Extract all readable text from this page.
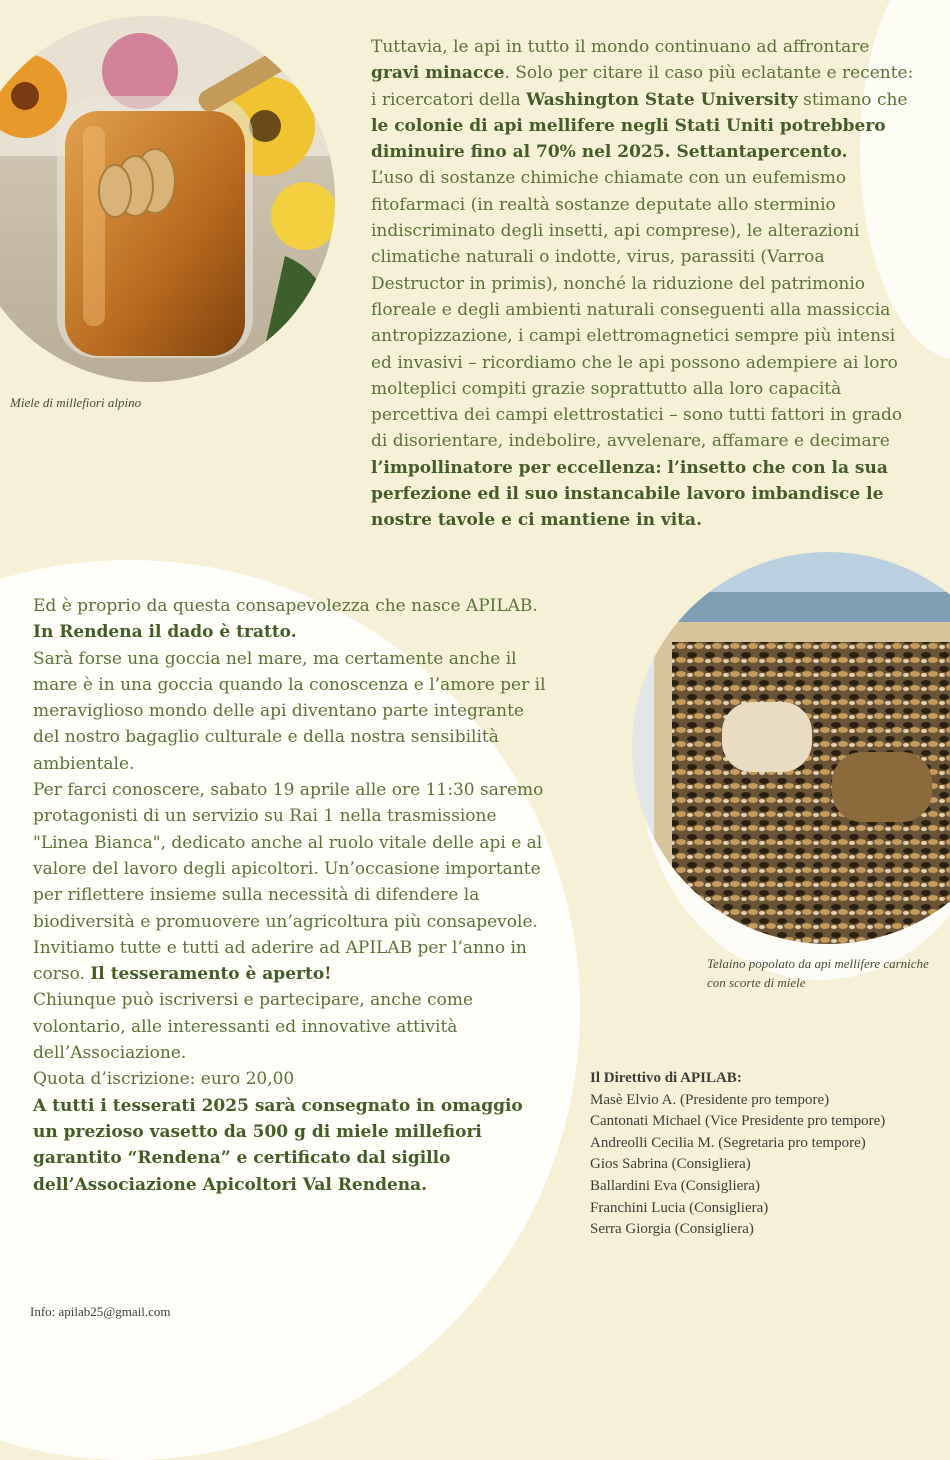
Miele di millefiori alpino

Tuttavia, le api in tutto il mondo continuano ad affrontare gravi minacce. Solo per citare il caso più eclatante e recente: i ricercatori della Washington State University stimano che le colonie di api mellifere negli Stati Uniti potrebbero diminuire fino al 70% nel 2025. Settantapercento.

L’uso di sostanze chimiche chiamate con un eufemismo fitofarmaci (in realtà sostanze deputate allo sterminio indiscriminato degli insetti, api comprese), le alterazioni climatiche naturali o indotte, virus, parassiti (Varroa Destructor in primis), nonché la riduzione del patrimonio floreale e degli ambienti naturali conseguenti alla massiccia antropizzazione, i campi elettromagnetici sempre più intensi ed invasivi – ricordiamo che le api possono adempiere ai loro molteplici compiti grazie soprattutto alla loro capacità percettiva dei campi elettrostatici – sono tutti fattori in grado di disorientare, indebolire, avvelenare, affamare e decimare l’impollinatore per eccellenza: l’insetto che con la sua perfezione ed il suo instancabile lavoro imbandisce le nostre tavole e ci mantiene in vita.

Telaino popolato da api mellifere carniche con scorte di miele

Ed è proprio da questa consapevolezza che nasce APILAB.

In Rendena il dado è tratto.

Sarà forse una goccia nel mare, ma certamente anche il mare è in una goccia quando la conoscenza e l’amore per il meraviglioso mondo delle api diventano parte integrante del nostro bagaglio culturale e della nostra sensibilità ambientale.

Per farci conoscere, sabato 19 aprile alle ore 11:30 saremo protagonisti di un servizio su Rai 1 nella trasmissione "Linea Bianca", dedicato anche al ruolo vitale delle api e al valore del lavoro degli apicoltori. Un’occasione importante per riflettere insieme sulla necessità di difendere la biodiversità e promuovere un’agricoltura più consapevole.

Invitiamo tutte e tutti ad aderire ad APILAB per l’anno in corso. Il tesseramento è aperto!

Chiunque può iscriversi e partecipare, anche come volontario, alle interessanti ed innovative attività dell’Associazione.

Quota d’iscrizione: euro 20,00

A tutti i tesserati 2025 sarà consegnato in omaggio un prezioso vasetto da 500 g di miele millefiori garantito “Rendena” e certificato dal sigillo dell’Associazione Apicoltori Val Rendena.

Il Direttivo di APILAB:
Masè Elvio A. (Presidente pro tempore)
Cantonati Michael (Vice Presidente pro tempore)
Andreolli Cecilia M. (Segretaria pro tempore)
Gios Sabrina (Consigliera)
Ballardini Eva (Consigliera)
Franchini Lucia (Consigliera)
Serra Giorgia (Consigliera)
Info: apilab25@gmail.com
